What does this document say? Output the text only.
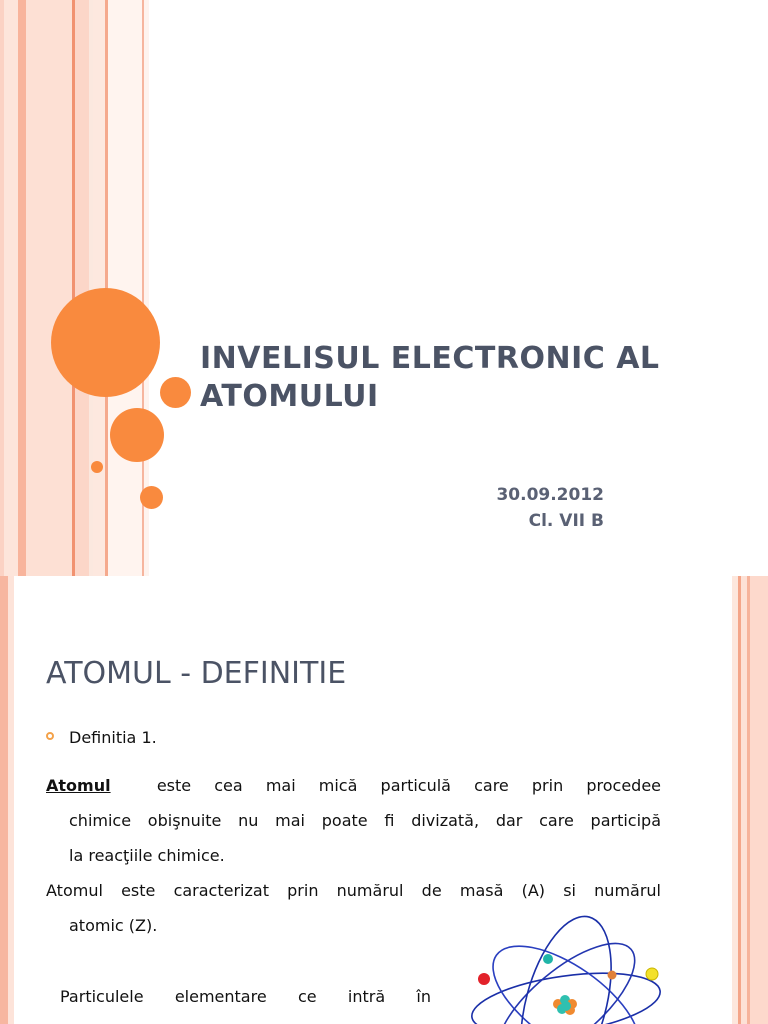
INVELISUL ELECTRONIC AL ATOMULUI
30.09.2012
Cl. VII B
ATOMUL - DEFINITIE
Definitia 1.
Atomul	este cea mai mică particulă care prin procedee
chimice obişnuite nu mai poate fi divizată, dar care participă
la reacţiile chimice.
Atomul este caracterizat prin numărul de masă (A) si numărul
atomic (Z).
Particulele elementare ce intră în
